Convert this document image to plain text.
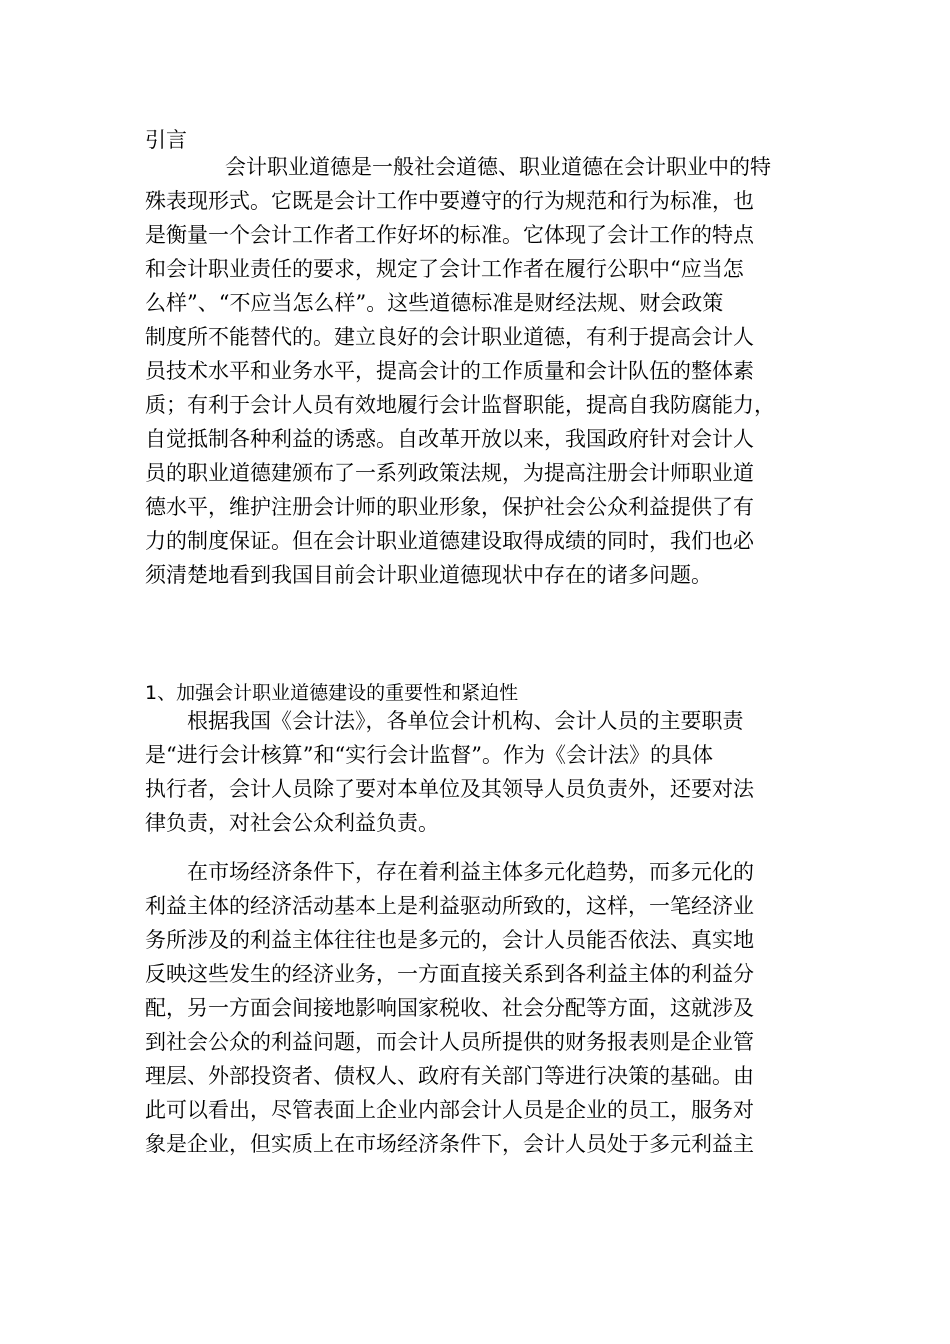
引言
会计职业道德是一般社会道德、职业道德在会计职业中的特
殊表现形式。它既是会计工作中要遵守的行为规范和行为标准，也
是衡量一个会计工作者工作好坏的标准。它体现了会计工作的特点
和会计职业责任的要求，规定了会计工作者在履行公职中“应当怎
么样”、“不应当怎么样”。这些道德标准是财经法规、财会政策
制度所不能替代的。建立良好的会计职业道德，有利于提高会计人
员技术水平和业务水平，提高会计的工作质量和会计队伍的整体素
质；有利于会计人员有效地履行会计监督职能，提高自我防腐能力，
自觉抵制各种利益的诱惑。自改革开放以来，我国政府针对会计人
员的职业道德建颁布了一系列政策法规，为提高注册会计师职业道
德水平，维护注册会计师的职业形象，保护社会公众利益提供了有
力的制度保证。但在会计职业道德建设取得成绩的同时，我们也必
须清楚地看到我国目前会计职业道德现状中存在的诸多问题。
1、加强会计职业道德建设的重要性和紧迫性
根据我国《会计法》，各单位会计机构、会计人员的主要职责
是“进行会计核算”和“实行会计监督”。作为《会计法》的具体
执行者，会计人员除了要对本单位及其领导人员负责外，还要对法
律负责，对社会公众利益负责。
在市场经济条件下，存在着利益主体多元化趋势，而多元化的
利益主体的经济活动基本上是利益驱动所致的，这样，一笔经济业
务所涉及的利益主体往往也是多元的，会计人员能否依法、真实地
反映这些发生的经济业务，一方面直接关系到各利益主体的利益分
配，另一方面会间接地影响国家税收、社会分配等方面，这就涉及
到社会公众的利益问题，而会计人员所提供的财务报表则是企业管
理层、外部投资者、债权人、政府有关部门等进行决策的基础。由
此可以看出，尽管表面上企业内部会计人员是企业的员工，服务对
象是企业，但实质上在市场经济条件下，会计人员处于多元利益主
